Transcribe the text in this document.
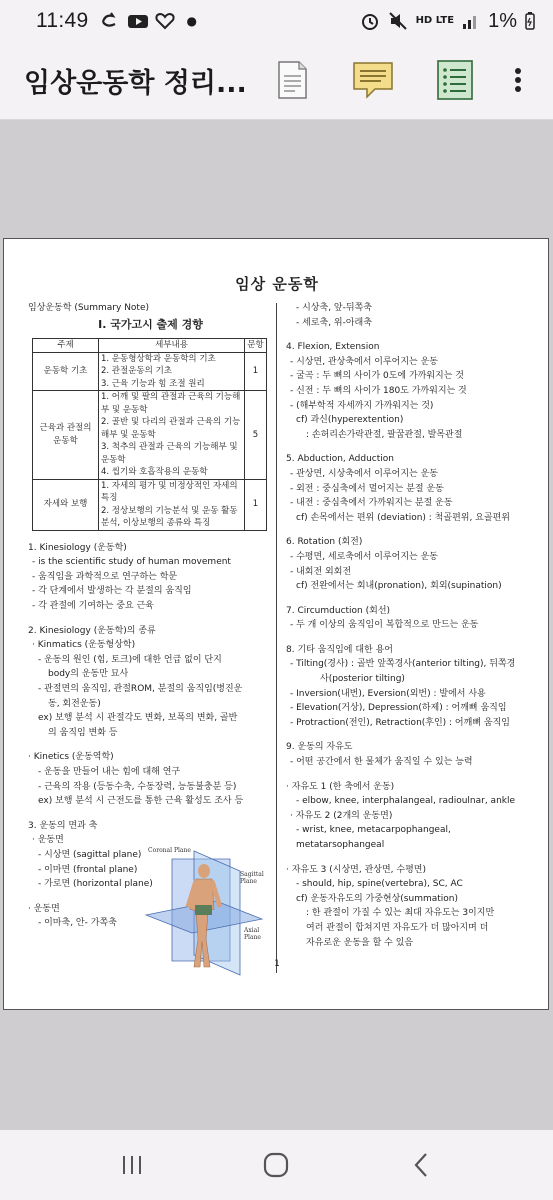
11:49	●	HD LTE 1%
임상운동학 정리...
임상 운동학
임상운동학 (Summary Note)
Ⅰ. 국가고시 출제 경향
주제	세부내용	문항
운동학 기초	1. 운동형상학과 운동학의 기초
2. 관절운동의 기초
3. 근육 기능과 힘 조절 원리	1
근육과 관절의 운동학	1. 어깨 및 팔의 관절과 근육의 기능해부 및 운동학
2. 골반 및 다리의 관절과 근육의 기능해부 및 운동학
3. 척추의 관절과 근육의 기능해부 및 운동학
4. 씹기와 호흡작용의 운동학	5
자세와 보행	1. 자세의 평가 및 비정상적인 자세의 특징
2. 정상보행의 기능분석 및 운동 활동분석, 이상보행의 종류와 특징	1
1. Kinesiology (운동학)
- is the scientific study of human movement
- 움직임을 과학적으로 연구하는 학문
- 각 단계에서 발생하는 각 분절의 움직임
- 각 관절에 기여하는 중요 근육
2. Kinesiology (운동학)의 종류
· Kinmatics (운동형상학)
- 운동의 원인 (힘, 토크)에 대한 언급 없이 단지
body의 운동만 묘사
- 관절면의 움직임, 관절ROM, 분절의 움직임(병진운
동, 회전운동)
ex) 보행 분석 시 관절각도 변화, 보폭의 변화, 골반
의 움직임 변화 등
· Kinetics (운동역학)
- 운동을 만들어 내는 힘에 대해 연구
- 근육의 작용 (등동수축, 수동장력, 능동불충분 등)
ex) 보행 분석 시 근전도를 통한 근육 활성도 조사 등
3. 운동의 면과 축
· 운동면
- 시상면 (sagittal plane)
- 이마면 (frontal plane)
- 가로면 (horizontal plane)
· 운동면
- 이마축, 안- 가쪽축
- 시상축, 앞-뒤쪽축
- 세로축, 위-아래축
4. Flexion, Extension
- 시상면, 관상축에서 이루어지는 운동
- 굴곡 : 두 뼈의 사이가 0도에 가까워지는 것
- 신전 : 두 뼈의 사이가 180도 가까워지는 것
- (해부학적 자세까지 가까워지는 것)
cf) 과신(hyperextention)
: 손허리손가락관절, 팔꿉관절, 발목관절
5. Abduction, Adduction
- 관상면, 시상축에서 이루어지는 운동
- 외전 : 중심축에서 멀어지는 분절 운동
- 내전 : 중심축에서 가까워지는 분절 운동
cf) 손목에서는 편위 (deviation) : 척골편위, 요골편위
6. Rotation (회전)
- 수평면, 세로축에서 이루어지는 운동
- 내회전 외회전
cf) 전완에서는 회내(pronation), 회외(supination)
7. Circumduction (회선)
- 두 개 이상의 움직임이 복합적으로 만드는 운동
8. 기타 움직임에 대한 용어
- Tilting(경사) : 골반 앞쪽경사(anterior tilting), 뒤쪽경
사(posterior tilting)
- Inversion(내번), Eversion(외번) : 발에서 사용
- Elevation(거상), Depression(하제) : 어깨뼈 움직임
- Protraction(전인), Retraction(후인) : 어깨뼈 움직임
9. 운동의 자유도
- 어떤 공간에서 한 물체가 움직일 수 있는 능력
· 자유도 1 (한 축에서 운동)
- elbow, knee, interphalangeal, radioulnar, ankle
· 자유도 2 (2개의 운동면)
- wrist, knee, metacarpophangeal, metatarsophangeal
· 자유도 3 (시상면, 관상면, 수평면)
- should, hip, spine(vertebra), SC, AC
cf) 운동자유도의 가중현상(summation)
: 한 관절이 가질 수 있는 최대 자유도는 3이지만
여러 관절이 합쳐지면 자유도가 더 많아지며 더
자유로운 운동을 할 수 있음
Coronal Plane
Sagittal Plane
Axial Plane
1
